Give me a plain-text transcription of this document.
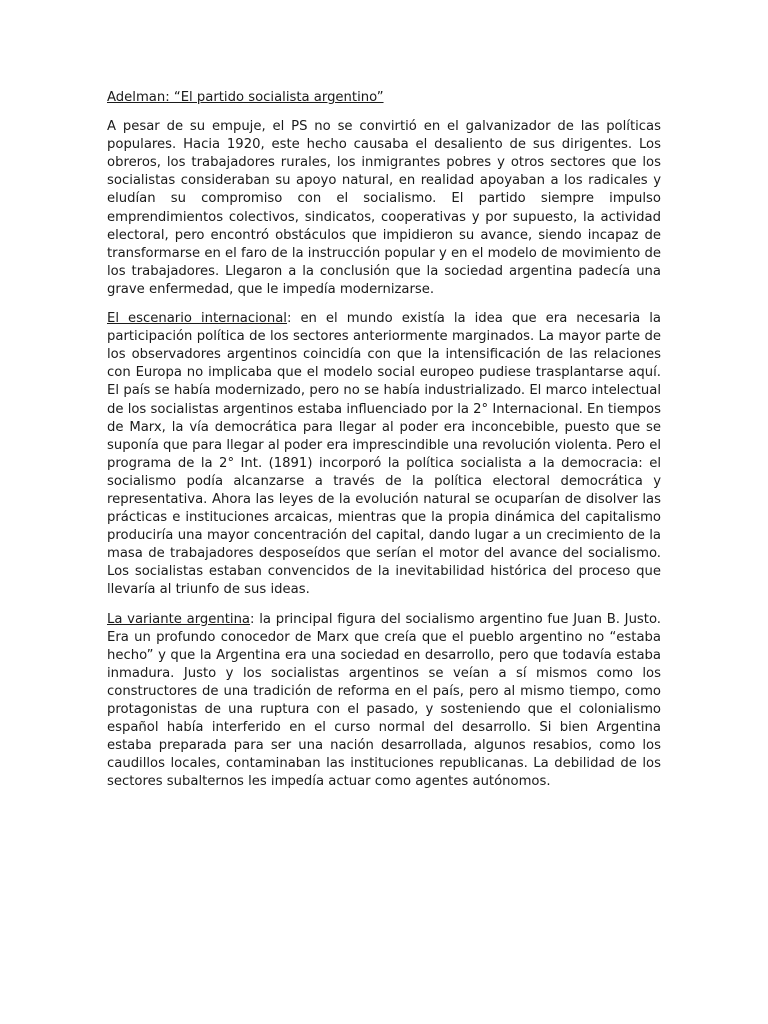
Adelman: “El partido socialista argentino”

A pesar de su empuje, el PS no se convirtió en el galvanizador de las políticas populares. Hacia 1920, este hecho causaba el desaliento de sus dirigentes. Los obreros, los trabajadores rurales, los inmigrantes pobres y otros sectores que los socialistas consideraban su apoyo natural, en realidad apoyaban a los radicales y eludían su compromiso con el socialismo. El partido siempre impulso emprendimientos colectivos, sindicatos, cooperativas y por supuesto, la actividad electoral, pero encontró obstáculos que impidieron su avance, siendo incapaz de transformarse en el faro de la instrucción popular y en el modelo de movimiento de los trabajadores. Llegaron a la conclusión que la sociedad argentina padecía una grave enfermedad, que le impedía modernizarse.

El escenario internacional: en el mundo existía la idea que era necesaria la participación política de los sectores anteriormente marginados. La mayor parte de los observadores argentinos coincidía con que la intensificación de las relaciones con Europa no implicaba que el modelo social europeo pudiese trasplantarse aquí. El país se había modernizado, pero no se había industrializado. El marco intelectual de los socialistas argentinos estaba influenciado por la 2° Internacional. En tiempos de Marx, la vía democrática para llegar al poder era inconcebible, puesto que se suponía que para llegar al poder era imprescindible una revolución violenta. Pero el programa de la 2° Int. (1891) incorporó la política socialista a la democracia: el socialismo podía alcanzarse a través de la política electoral democrática y representativa. Ahora las leyes de la evolución natural se ocuparían de disolver las prácticas e instituciones arcaicas, mientras que la propia dinámica del capitalismo produciría una mayor concentración del capital, dando lugar a un crecimiento de la masa de trabajadores desposeídos que serían el motor del avance del socialismo. Los socialistas estaban convencidos de la inevitabilidad histórica del proceso que llevaría al triunfo de sus ideas.

La variante argentina: la principal figura del socialismo argentino fue Juan B. Justo. Era un profundo conocedor de Marx que creía que el pueblo argentino no “estaba hecho” y que la Argentina era una sociedad en desarrollo, pero que todavía estaba inmadura. Justo y los socialistas argentinos se veían a sí mismos como los constructores de una tradición de reforma en el país, pero al mismo tiempo, como protagonistas de una ruptura con el pasado, y sosteniendo que el colonialismo español había interferido en el curso normal del desarrollo. Si bien Argentina estaba preparada para ser una nación desarrollada, algunos resabios, como los caudillos locales, contaminaban las instituciones republicanas. La debilidad de los sectores subalternos les impedía actuar como agentes autónomos.
